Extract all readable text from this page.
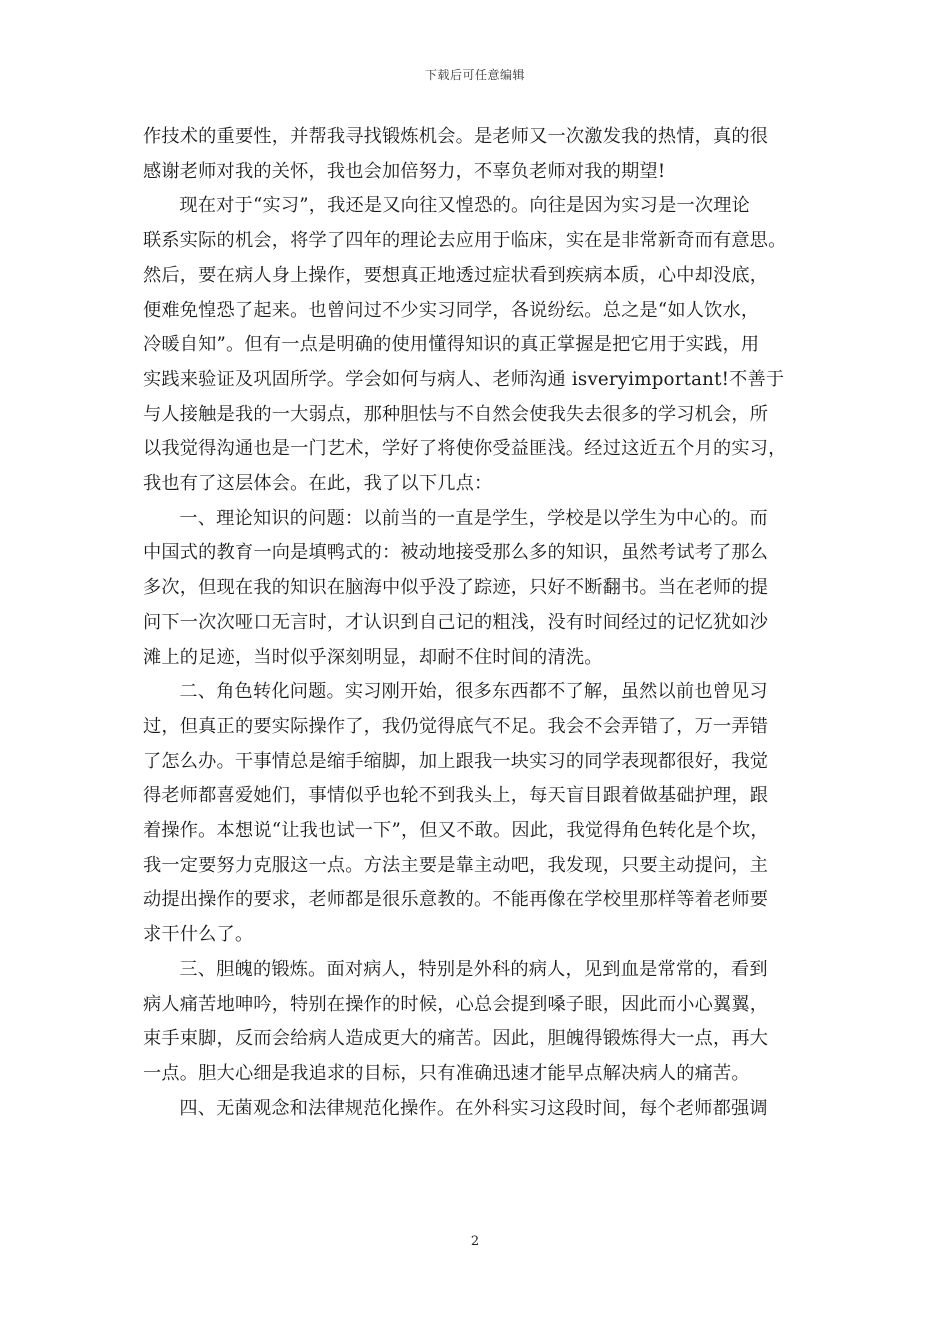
下载后可任意编辑

作技术的重要性，并帮我寻找锻炼机会。是老师又一次激发我的热情，真的很
感谢老师对我的关怀，我也会加倍努力，不辜负老师对我的期望!

现在对于“实习”，我还是又向往又惶恐的。向往是因为实习是一次理论
联系实际的机会，将学了四年的理论去应用于临床，实在是非常新奇而有意思。
然后，要在病人身上操作，要想真正地透过症状看到疾病本质，心中却没底，
便难免惶恐了起来。也曾问过不少实习同学，各说纷纭。总之是“如人饮水，
冷暖自知”。但有一点是明确的使用懂得知识的真正掌握是把它用于实践，用
实践来验证及巩固所学。学会如何与病人、老师沟通 isveryimportant!不善于
与人接触是我的一大弱点，那种胆怯与不自然会使我失去很多的学习机会，所
以我觉得沟通也是一门艺术，学好了将使你受益匪浅。经过这近五个月的实习，
我也有了这层体会。在此，我了以下几点：

一、理论知识的问题：以前当的一直是学生，学校是以学生为中心的。而
中国式的教育一向是填鸭式的：被动地接受那么多的知识，虽然考试考了那么
多次，但现在我的知识在脑海中似乎没了踪迹，只好不断翻书。当在老师的提
问下一次次哑口无言时，才认识到自己记的粗浅，没有时间经过的记忆犹如沙
滩上的足迹，当时似乎深刻明显，却耐不住时间的清洗。

二、角色转化问题。实习刚开始，很多东西都不了解，虽然以前也曾见习
过，但真正的要实际操作了，我仍觉得底气不足。我会不会弄错了，万一弄错
了怎么办。干事情总是缩手缩脚，加上跟我一块实习的同学表现都很好，我觉
得老师都喜爱她们，事情似乎也轮不到我头上，每天盲目跟着做基础护理，跟
着操作。本想说“让我也试一下”，但又不敢。因此，我觉得角色转化是个坎，
我一定要努力克服这一点。方法主要是靠主动吧，我发现，只要主动提问，主
动提出操作的要求，老师都是很乐意教的。不能再像在学校里那样等着老师要
求干什么了。

三、胆魄的锻炼。面对病人，特别是外科的病人，见到血是常常的，看到
病人痛苦地呻吟，特别在操作的时候，心总会提到嗓子眼，因此而小心翼翼，
束手束脚，反而会给病人造成更大的痛苦。因此，胆魄得锻炼得大一点，再大
一点。胆大心细是我追求的目标，只有准确迅速才能早点解决病人的痛苦。

四、无菌观念和法律规范化操作。在外科实习这段时间，每个老师都强调

2
